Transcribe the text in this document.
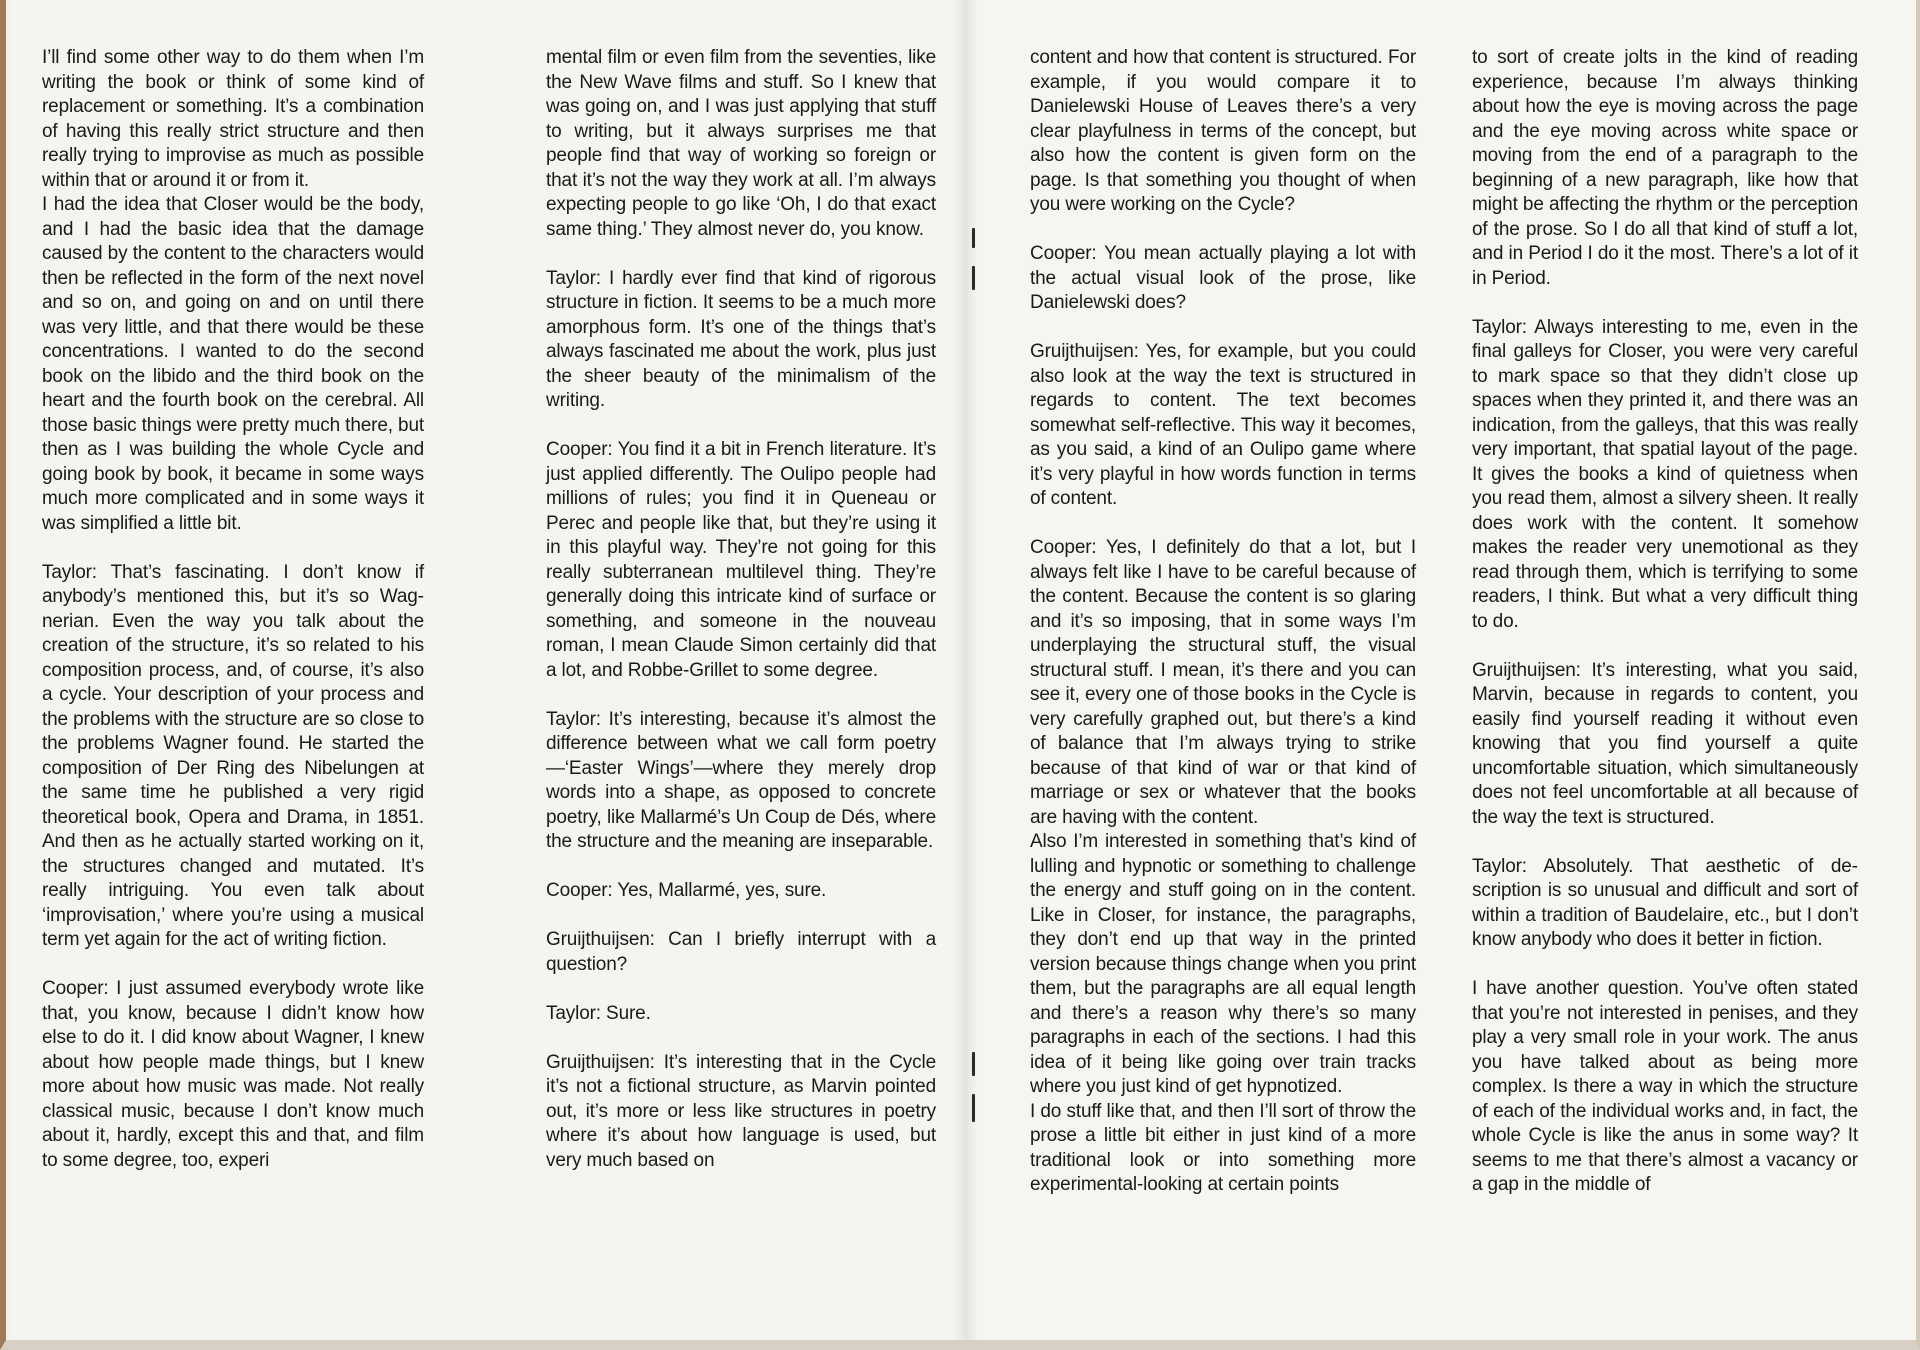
I’ll find some other way to do them when I’m writing the book or think of some kind of replacement or something. It’s a combination of having this really strict structure and then really trying to improvise as much as possible within that or around it or from it.

I had the idea that Closer would be the body, and I had the basic idea that the damage caused by the content to the characters would then be reflected in the form of the next novel and so on, and going on and on until there was very little, and that there would be these concentrations. I wanted to do the second book on the libido and the third book on the heart and the fourth book on the cerebral. All those basic things were pretty much there, but then as I was building the whole Cycle and going book by book, it became in some ways much more complicated and in some ways it was simplified a little bit.

Taylor: That’s fascinating. I don’t know if anybody’s mentioned this, but it’s so Wagnerian. Even the way you talk about the creation of the structure, it’s so related to his composition process, and, of course, it’s also a cycle. Your description of your process and the problems with the structure are so close to the problems Wagner found. He started the composition of Der Ring des Nibelungen at the same time he published a very rigid theoretical book, Opera and Drama, in 1851. And then as he actually started working on it, the structures changed and mutated. It’s really intriguing. You even talk about ‘improvisation,’ where you’re using a musical term yet again for the act of writing fiction.

Cooper: I just assumed everybody wrote like that, you know, because I didn’t know how else to do it. I did know about Wagner, I knew about how people made things, but I knew more about how music was made. Not really classical music, because I don’t know much about it, hardly, except this and that, and film to some degree, too, experi

mental film or even film from the seventies, like the New Wave films and stuff. So I knew that was going on, and I was just applying that stuff to writing, but it always surprises me that people find that way of working so foreign or that it’s not the way they work at all. I’m always expecting people to go like ‘Oh, I do that exact same thing.’ They almost never do, you know.

Taylor: I hardly ever find that kind of rigorous structure in fiction. It seems to be a much more amorphous form. It’s one of the things that’s always fascinated me about the work, plus just the sheer beauty of the minimalism of the writing.

Cooper: You find it a bit in French literature. It’s just applied differently. The Oulipo people had millions of rules; you find it in Queneau or Perec and people like that, but they’re using it in this playful way. They’re not going for this really subterranean multilevel thing. They’re generally doing this intricate kind of surface or something, and someone in the nouveau roman, I mean Claude Simon certainly did that a lot, and Robbe-Grillet to some degree.

Taylor: It’s interesting, because it’s almost the difference between what we call form poetry—‘Easter Wings’—where they merely drop words into a shape, as opposed to concrete poetry, like Mallarmé’s Un Coup de Dés, where the structure and the meaning are inseparable.

Cooper: Yes, Mallarmé, yes, sure.

Gruijthuijsen: Can I briefly interrupt with a question?

Taylor: Sure.

Gruijthuijsen: It’s interesting that in the Cycle it’s not a fictional structure, as Marvin pointed out, it’s more or less like structures in poetry where it’s about how language is used, but very much based on

content and how that content is structured. For example, if you would compare it to Danielewski House of Leaves there’s a very clear playfulness in terms of the concept, but also how the content is given form on the page. Is that something you thought of when you were working on the Cycle?

Cooper: You mean actually playing a lot with the actual visual look of the prose, like Danielewski does?

Gruijthuijsen: Yes, for example, but you could also look at the way the text is structured in regards to content. The text becomes somewhat self-reflective. This way it becomes, as you said, a kind of an Oulipo game where it’s very playful in how words function in terms of content.

Cooper: Yes, I definitely do that a lot, but I always felt like I have to be careful because of the content. Because the content is so glaring and it’s so imposing, that in some ways I’m underplaying the structural stuff, the visual structural stuff. I mean, it’s there and you can see it, every one of those books in the Cycle is very carefully graphed out, but there’s a kind of balance that I’m always trying to strike because of that kind of war or that kind of marriage or sex or whatever that the books are having with the content.

Also I’m interested in something that’s kind of lulling and hypnotic or something to challenge the energy and stuff going on in the content. Like in Closer, for instance, the paragraphs, they don’t end up that way in the printed version because things change when you print them, but the paragraphs are all equal length and there’s a reason why there’s so many paragraphs in each of the sections. I had this idea of it being like going over train tracks where you just kind of get hypnotized.

I do stuff like that, and then I’ll sort of throw the prose a little bit either in just kind of a more traditional look or into something more experimental-looking at certain points

to sort of create jolts in the kind of reading experience, because I’m always thinking about how the eye is moving across the page and the eye moving across white space or moving from the end of a paragraph to the beginning of a new paragraph, like how that might be affecting the rhythm or the perception of the prose. So I do all that kind of stuff a lot, and in Period I do it the most. There’s a lot of it in Period.

Taylor: Always interesting to me, even in the final galleys for Closer, you were very careful to mark space so that they didn’t close up spaces when they printed it, and there was an indication, from the galleys, that this was really very important, that spatial layout of the page. It gives the books a kind of quietness when you read them, almost a silvery sheen. It really does work with the content. It somehow makes the reader very unemotional as they read through them, which is terrifying to some readers, I think. But what a very difficult thing to do.

Gruijthuijsen: It’s interesting, what you said, Marvin, because in regards to content, you easily find yourself reading it without even knowing that you find yourself a quite uncomfortable situation, which simultaneously does not feel uncomfortable at all because of the way the text is structured.

Taylor: Absolutely. That aesthetic of description is so unusual and difficult and sort of within a tradition of Baudelaire, etc., but I don’t know anybody who does it better in fiction.

I have another question. You’ve often stated that you’re not interested in penises, and they play a very small role in your work. The anus you have talked about as being more complex. Is there a way in which the structure of each of the individual works and, in fact, the whole Cycle is like the anus in some way? It seems to me that there’s almost a vacancy or a gap in the middle of
